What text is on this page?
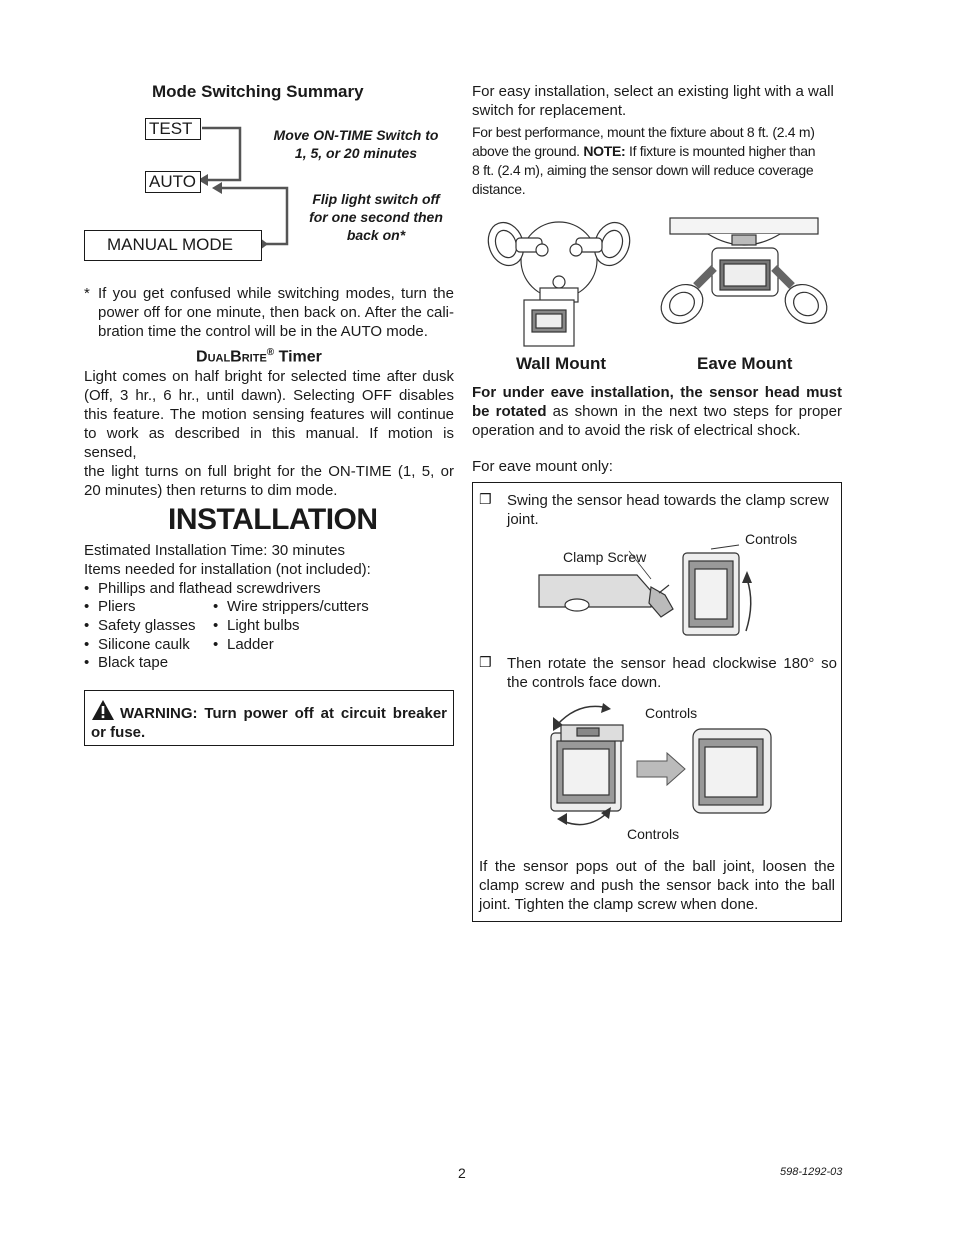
Mode Switching Summary
TEST
AUTO
MANUAL MODE
Move ON-TIME Switch to
1, 5, or 20 minutes
Flip light switch off
for one second then
back on*
* If you get confused while switching modes, turn the
power off for one minute, then back on. After the cali-
bration time the control will be in the AUTO mode.
DUALBRITE® Timer
Light comes on half bright for selected time after dusk
(Off, 3 hr., 6 hr., until dawn). Selecting OFF disables
this feature. The motion sensing features will continue
to work as described in this manual. If motion is sensed,
the light turns on full bright for the ON-TIME (1, 5, or
20 minutes) then returns to dim mode.
INSTALLATION
Estimated Installation Time: 30 minutes
Items needed for installation (not included):
• Phillips and flathead screwdrivers
• Pliers	• Wire strippers/cutters
• Safety glasses • Light bulbs
• Silicone caulk • Ladder
• Black tape
WARNING: Turn power off at circuit breaker
or fuse.
For easy installation, select an existing light with a wall
switch for replacement.
For best performance, mount the fixture about 8 ft. (2.4 m)
above the ground. NOTE: If fixture is mounted higher than
8 ft. (2.4 m), aiming the sensor down will reduce coverage
distance.
Wall Mount	Eave Mount
For under eave installation, the sensor head must
be rotated as shown in the next two steps for proper
operation and to avoid the risk of electrical shock.
For eave mount only:
❒ Swing the sensor head towards the clamp screw
joint.
Controls
Clamp Screw
❒ Then rotate the sensor head clockwise 180° so
the controls face down.
Controls
Controls
If the sensor pops out of the ball joint, loosen the
clamp screw and push the sensor back into the ball
joint. Tighten the clamp screw when done.
2	598-1292-03
